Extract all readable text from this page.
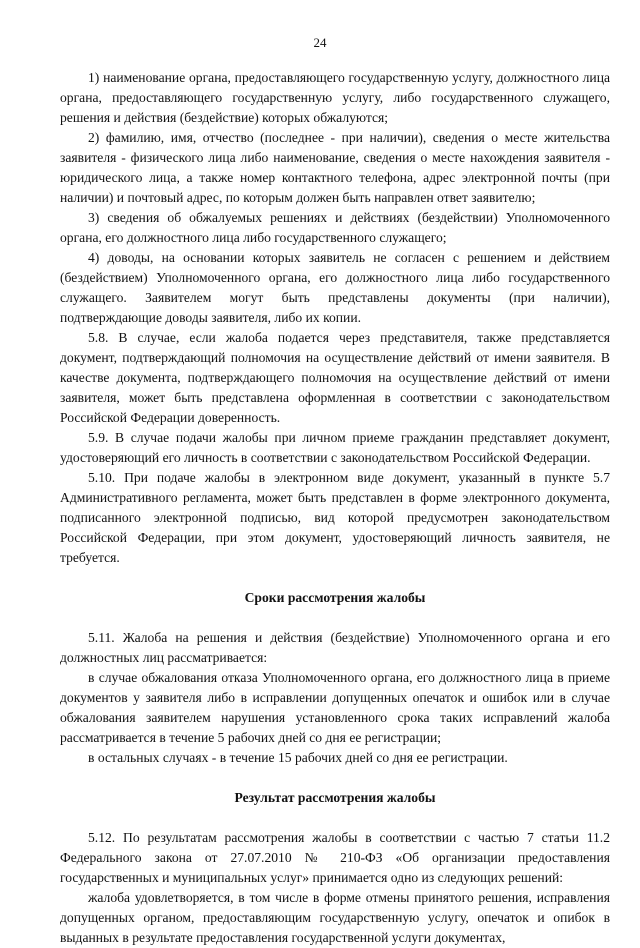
24

1) наименование органа, предоставляющего государственную услугу, должностного лица органа, предоставляющего государственную услугу, либо государственного служащего, решения и действия (бездействие) которых обжалуются;

2) фамилию, имя, отчество (последнее - при наличии), сведения о месте жительства заявителя - физического лица либо наименование, сведения о месте нахождения заявителя - юридического лица, а также номер контактного телефона, адрес электронной почты (при наличии) и почтовый адрес, по которым должен быть направлен ответ заявителю;

3) сведения об обжалуемых решениях и действиях (бездействии) Уполномоченного органа, его должностного лица либо государственного служащего;

4) доводы, на основании которых заявитель не согласен с решением и действием (бездействием) Уполномоченного органа, его должностного лица либо государственного служащего. Заявителем могут быть представлены документы (при наличии), подтверждающие доводы заявителя, либо их копии.

5.8. В случае, если жалоба подается через представителя, также представляется документ, подтверждающий полномочия на осуществление действий от имени заявителя. В качестве документа, подтверждающего полномочия на осуществление действий от имени заявителя, может быть представлена оформленная в соответствии с законодательством Российской Федерации доверенность.

5.9. В случае подачи жалобы при личном приеме гражданин представляет документ, удостоверяющий его личность в соответствии с законодательством Российской Федерации.

5.10. При подаче жалобы в электронном виде документ, указанный в пункте 5.7 Административного регламента, может быть представлен в форме электронного документа, подписанного электронной подписью, вид которой предусмотрен законодательством Российской Федерации, при этом документ, удостоверяющий личность заявителя, не требуется.

Сроки рассмотрения жалобы

5.11. Жалоба на решения и действия (бездействие) Уполномоченного органа и его должностных лиц рассматривается:

в случае обжалования отказа Уполномоченного органа, его должностного лица в приеме документов у заявителя либо в исправлении допущенных опечаток и ошибок или в случае обжалования заявителем нарушения установленного срока таких исправлений жалоба рассматривается в течение 5 рабочих дней со дня ее регистрации;

в остальных случаях - в течение 15 рабочих дней со дня ее регистрации.

Результат рассмотрения жалобы

5.12. По результатам рассмотрения жалобы в соответствии с частью 7 статьи 11.2 Федерального закона от 27.07.2010 № 210-ФЗ «Об организации предоставления государственных и муниципальных услуг» принимается одно из следующих решений:

жалоба удовлетворяется, в том числе в форме отмены принятого решения, исправления допущенных органом, предоставляющим государственную услугу, опечаток и опибок в выданных в результате предоставления государственной услуги документах,
